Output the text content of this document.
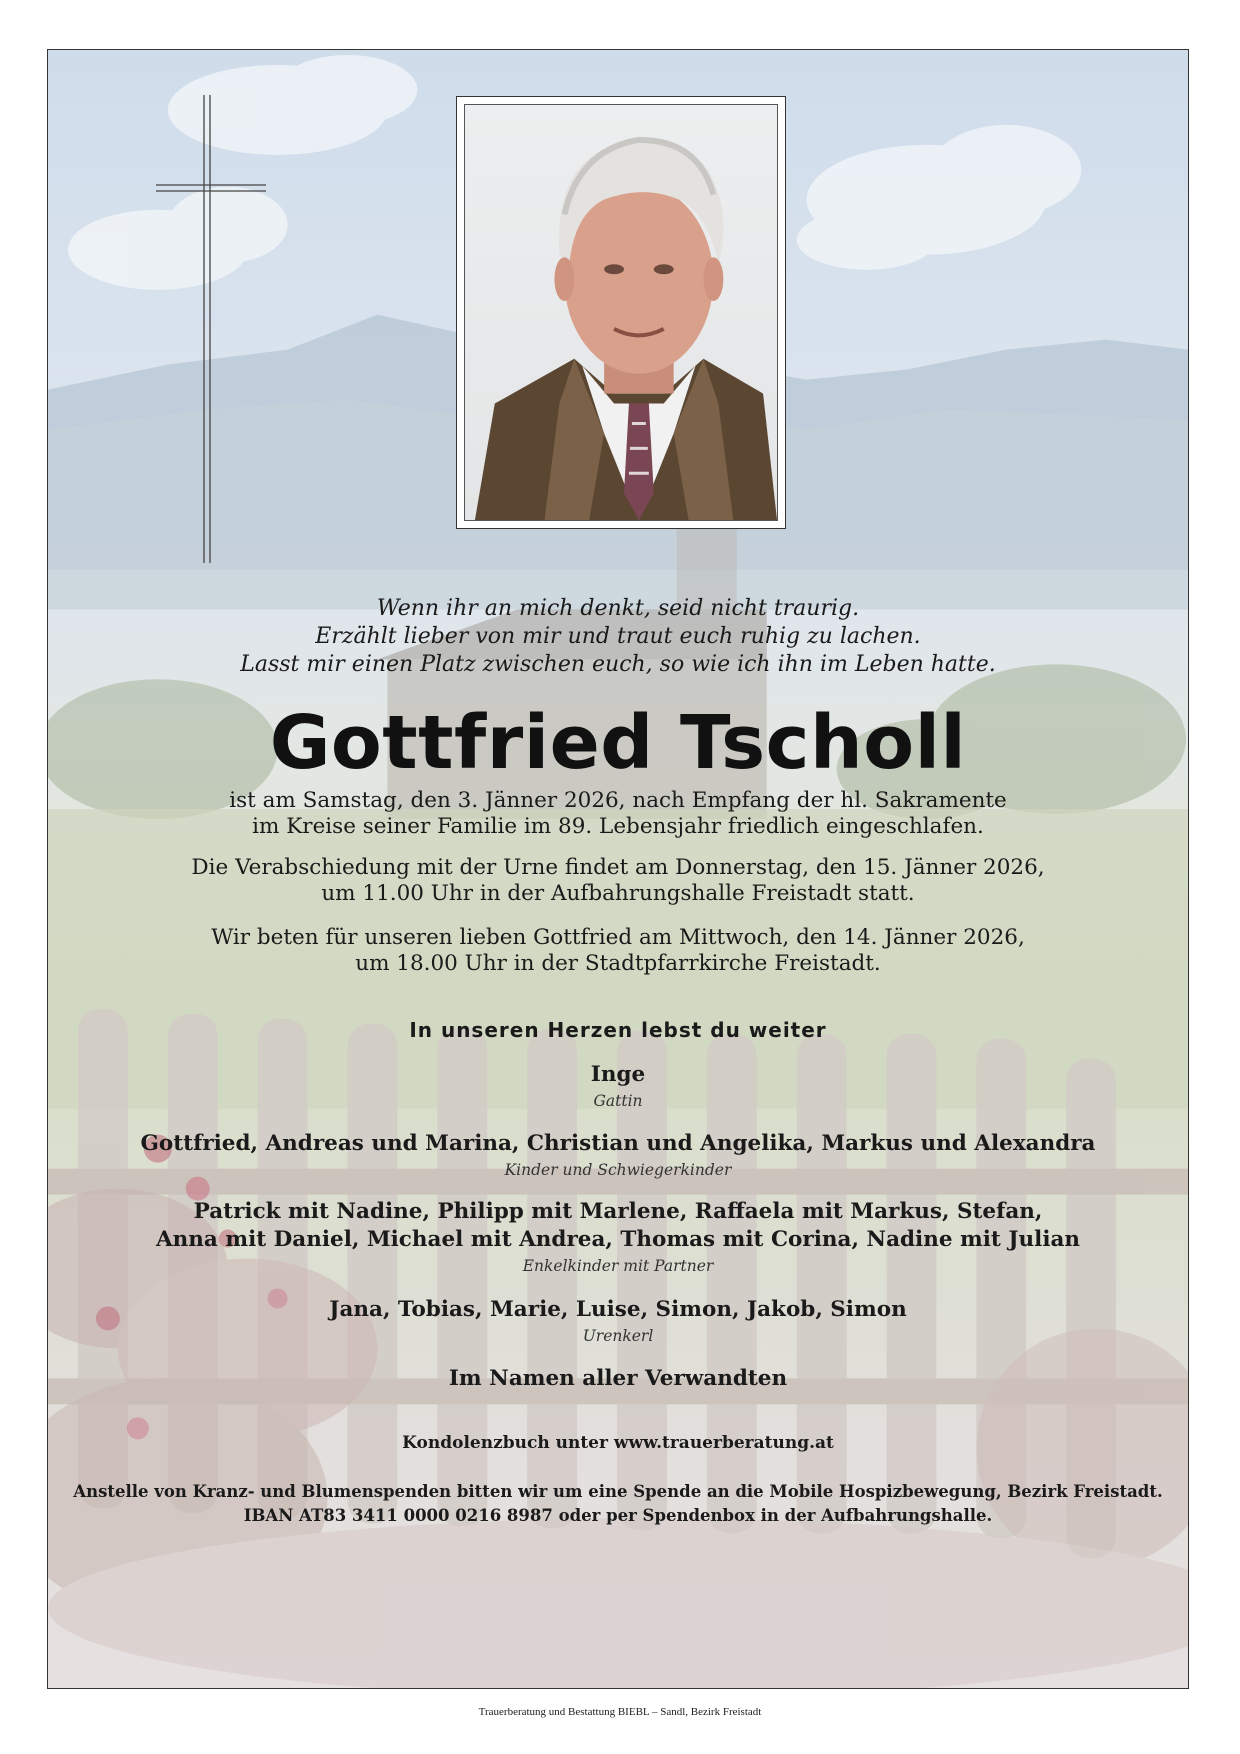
Wenn ihr an mich denkt, seid nicht traurig.
Erzählt lieber von mir und traut euch ruhig zu lachen.
Lasst mir einen Platz zwischen euch, so wie ich ihn im Leben hatte.
Gottfried Tscholl
ist am Samstag, den 3. Jänner 2026, nach Empfang der hl. Sakramente
im Kreise seiner Familie im 89. Lebensjahr friedlich eingeschlafen.
Die Verabschiedung mit der Urne findet am Donnerstag, den 15. Jänner 2026,
um 11.00 Uhr in der Aufbahrungshalle Freistadt statt.
Wir beten für unseren lieben Gottfried am Mittwoch, den 14. Jänner 2026,
um 18.00 Uhr in der Stadtpfarrkirche Freistadt.
In unseren Herzen lebst du weiter
Inge
Gattin
Gottfried, Andreas und Marina, Christian und Angelika, Markus und Alexandra
Kinder und Schwiegerkinder
Patrick mit Nadine, Philipp mit Marlene, Raffaela mit Markus, Stefan,
Anna mit Daniel, Michael mit Andrea, Thomas mit Corina, Nadine mit Julian
Enkelkinder mit Partner
Jana, Tobias, Marie, Luise, Simon, Jakob, Simon
Urenkerl
Im Namen aller Verwandten
Kondolenzbuch unter www.trauerberatung.at
Anstelle von Kranz- und Blumenspenden bitten wir um eine Spende an die Mobile Hospizbewegung, Bezirk Freistadt.
IBAN AT83 3411 0000 0216 8987 oder per Spendenbox in der Aufbahrungshalle.
Trauerberatung und Bestattung BIEBL – Sandl, Bezirk Freistadt
